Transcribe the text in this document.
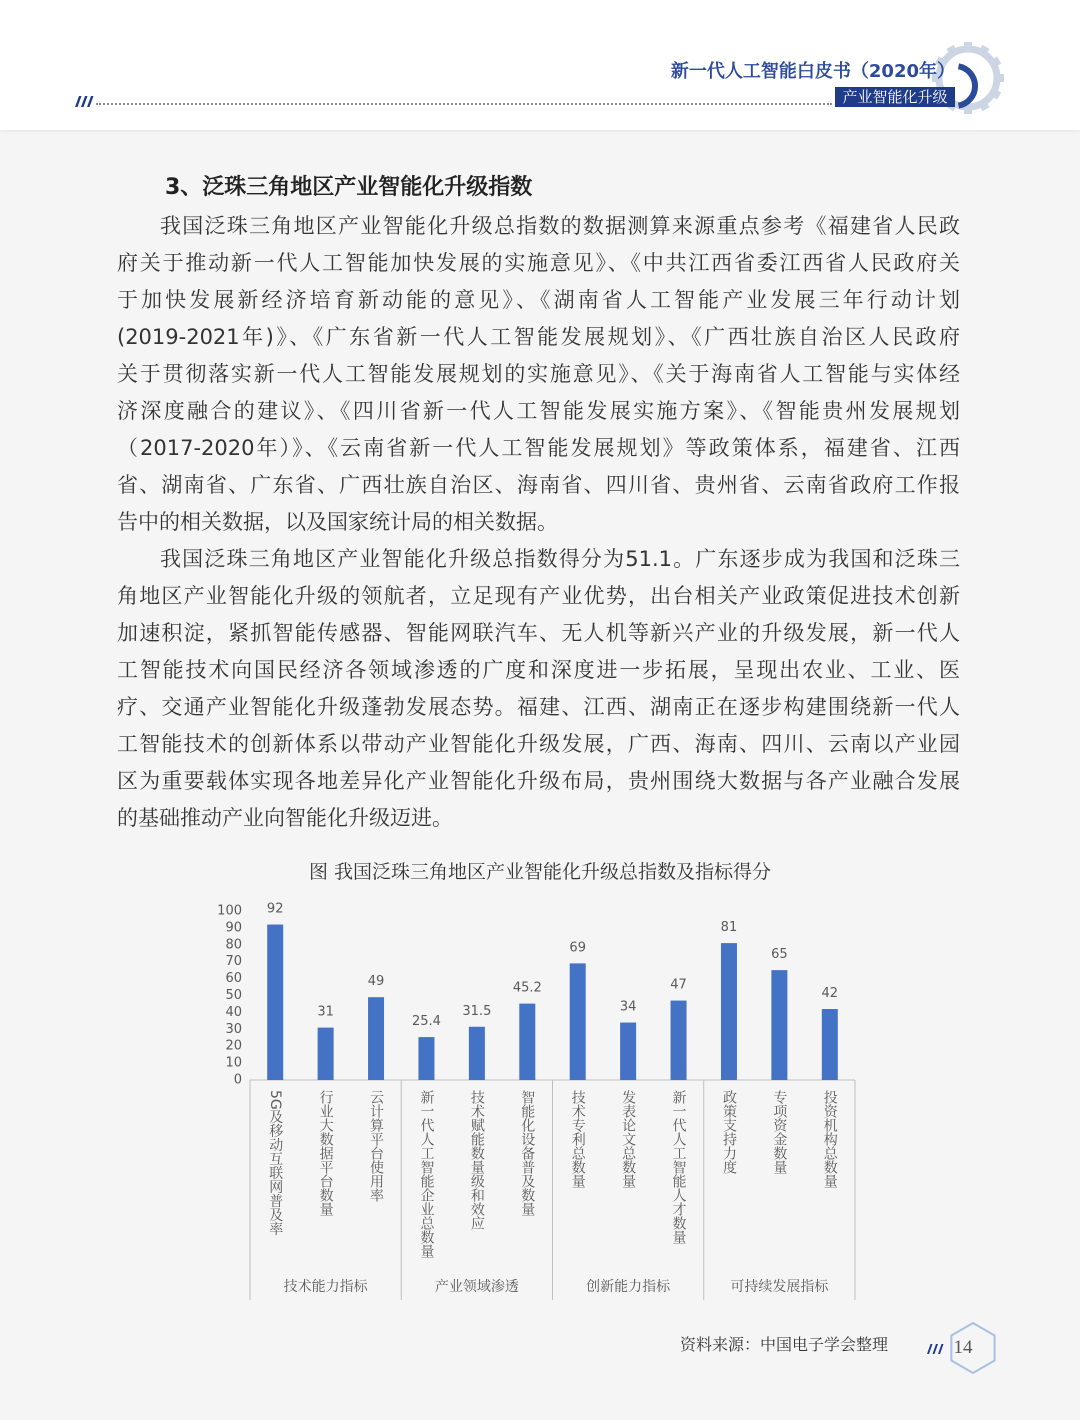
新一代人工智能白皮书（2020年）
产业智能化升级
3、泛珠三角地区产业智能化升级指数
我国泛珠三角地区产业智能化升级总指数的数据测算来源重点参考《福建省人民政
府关于推动新一代人工智能加快发展的实施意见》、《中共江西省委江西省人民政府关
于加快发展新经济培育新动能的意见》、《湖南省人工智能产业发展三年行动计划
(2019-2021年)》、《广东省新一代人工智能发展规划》、《广西壮族自治区人民政府
关于贯彻落实新一代人工智能发展规划的实施意见》、《关于海南省人工智能与实体经
济深度融合的建议》、《四川省新一代人工智能发展实施方案》、《智能贵州发展规划
（2017-2020年）》、《云南省新一代人工智能发展规划》等政策体系，福建省、江西
省、湖南省、广东省、广西壮族自治区、海南省、四川省、贵州省、云南省政府工作报
告中的相关数据，以及国家统计局的相关数据。
我国泛珠三角地区产业智能化升级总指数得分为51.1。广东逐步成为我国和泛珠三
角地区产业智能化升级的领航者，立足现有产业优势，出台相关产业政策促进技术创新
加速积淀，紧抓智能传感器、智能网联汽车、无人机等新兴产业的升级发展，新一代人
工智能技术向国民经济各领域渗透的广度和深度进一步拓展，呈现出农业、工业、医
疗、交通产业智能化升级蓬勃发展态势。福建、江西、湖南正在逐步构建围绕新一代人
工智能技术的创新体系以带动产业智能化升级发展，广西、海南、四川、云南以产业园
区为重要载体实现各地差异化产业智能化升级布局，贵州围绕大数据与各产业融合发展
的基础推动产业向智能化升级迈进。
图 我国泛珠三角地区产业智能化升级总指数及指标得分
0
10
20
30
40
50
60
70
80
90
100 92
5G及移动互联网普及率
31
行业大数据平台数量
49
云计算平台使用率
技术能力指标
25.4
新一代人工智能企业总数量
31.5
技术赋能数量级和效应
45.2
智能化设备普及数量
产业领域渗透
69
技术专利总数量
34
发表论文总数量
47
新一代人工智能人才数量
创新能力指标
81
政策支持力度
65
专项资金数量
42
投资机构总数量
可持续发展指标
资料来源：中国电子学会整理	14
